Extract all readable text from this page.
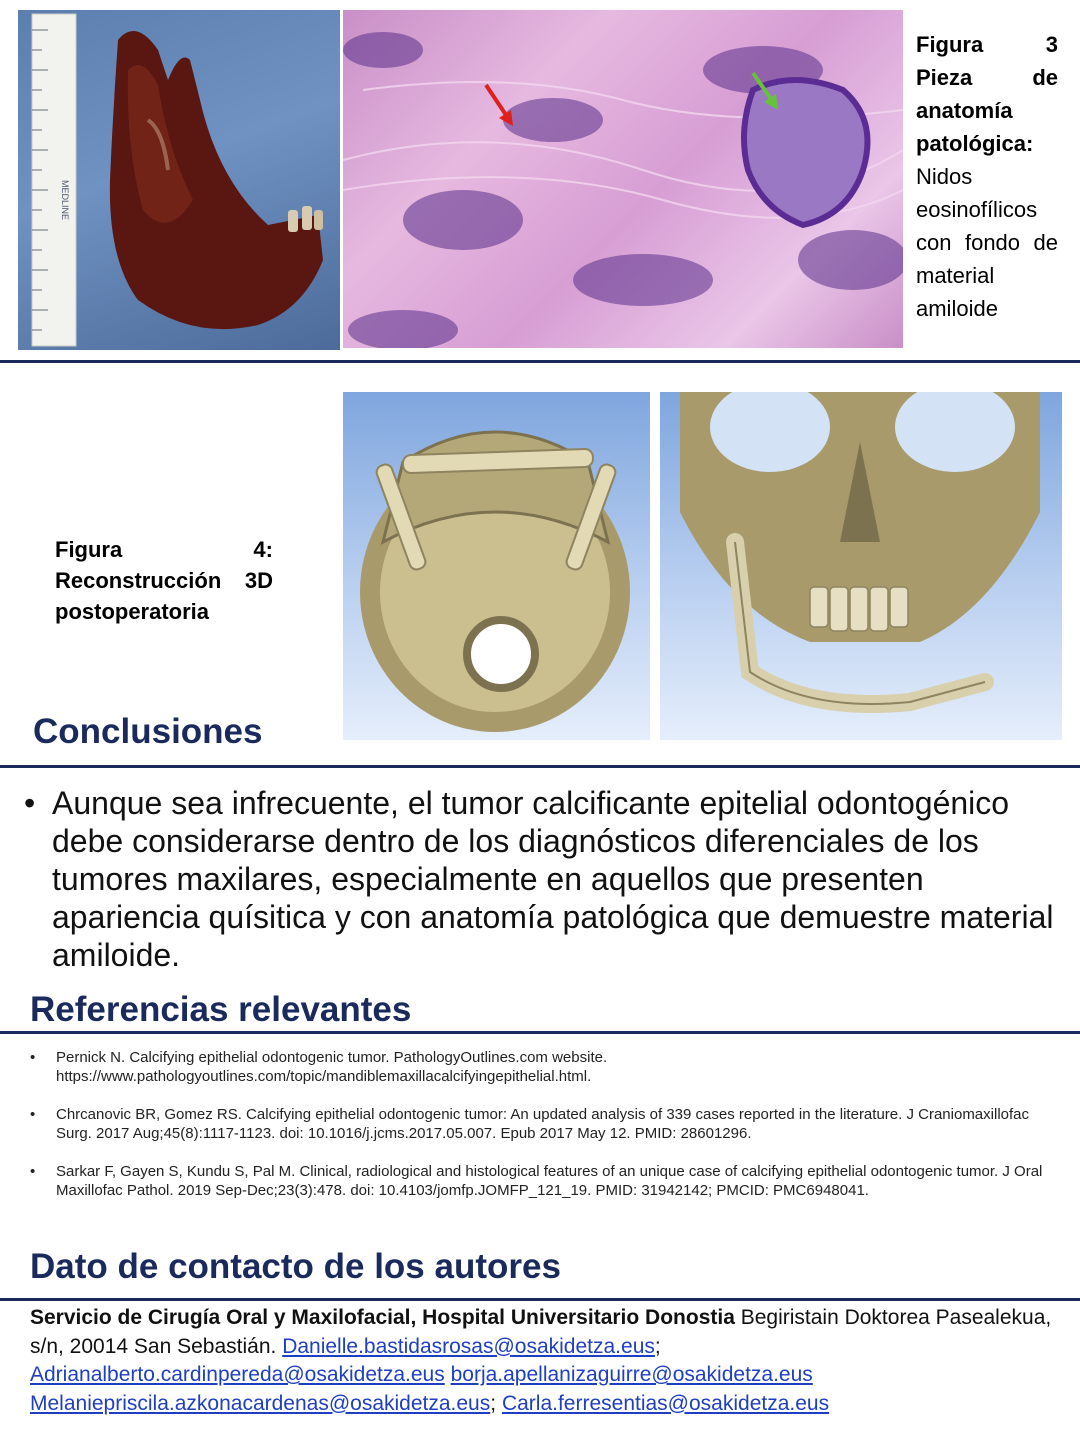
MEDLINE
Figura 3 Pieza de anatomía patológica: Nidos eosinofílicos con fondo de material amiloide
Figura 4: Reconstrucción 3D postoperatoria
Conclusiones
• Aunque sea infrecuente, el tumor calcificante epitelial odontogénico debe considerarse dentro de los diagnósticos diferenciales de los tumores maxilares, especialmente en aquellos que presenten apariencia quísitica y con anatomía patológica que demuestre material amiloide.
Referencias relevantes
• Pernick N. Calcifying epithelial odontogenic tumor. PathologyOutlines.com website. https://www.pathologyoutlines.com/topic/mandiblemaxillacalcifyingepithelial.html.
• Chrcanovic BR, Gomez RS. Calcifying epithelial odontogenic tumor: An updated analysis of 339 cases reported in the literature. J Craniomaxillofac Surg. 2017 Aug;45(8):1117-1123. doi: 10.1016/j.jcms.2017.05.007. Epub 2017 May 12. PMID: 28601296.
• Sarkar F, Gayen S, Kundu S, Pal M. Clinical, radiological and histological features of an unique case of calcifying epithelial odontogenic tumor. J Oral Maxillofac Pathol. 2019 Sep-Dec;23(3):478. doi: 10.4103/jomfp.JOMFP_121_19. PMID: 31942142; PMCID: PMC6948041.
Dato de contacto de los autores
Servicio de Cirugía Oral y Maxilofacial, Hospital Universitario Donostia Begiristain Doktorea Pasealekua, s/n, 20014 San Sebastián. Danielle.bastidasrosas@osakidetza.eus;
Adrianalberto.cardinpereda@osakidetza.eus borja.apellanizaguirre@osakidetza.eus
Melaniepriscila.azkonacardenas@osakidetza.eus; Carla.ferresentias@osakidetza.eus
